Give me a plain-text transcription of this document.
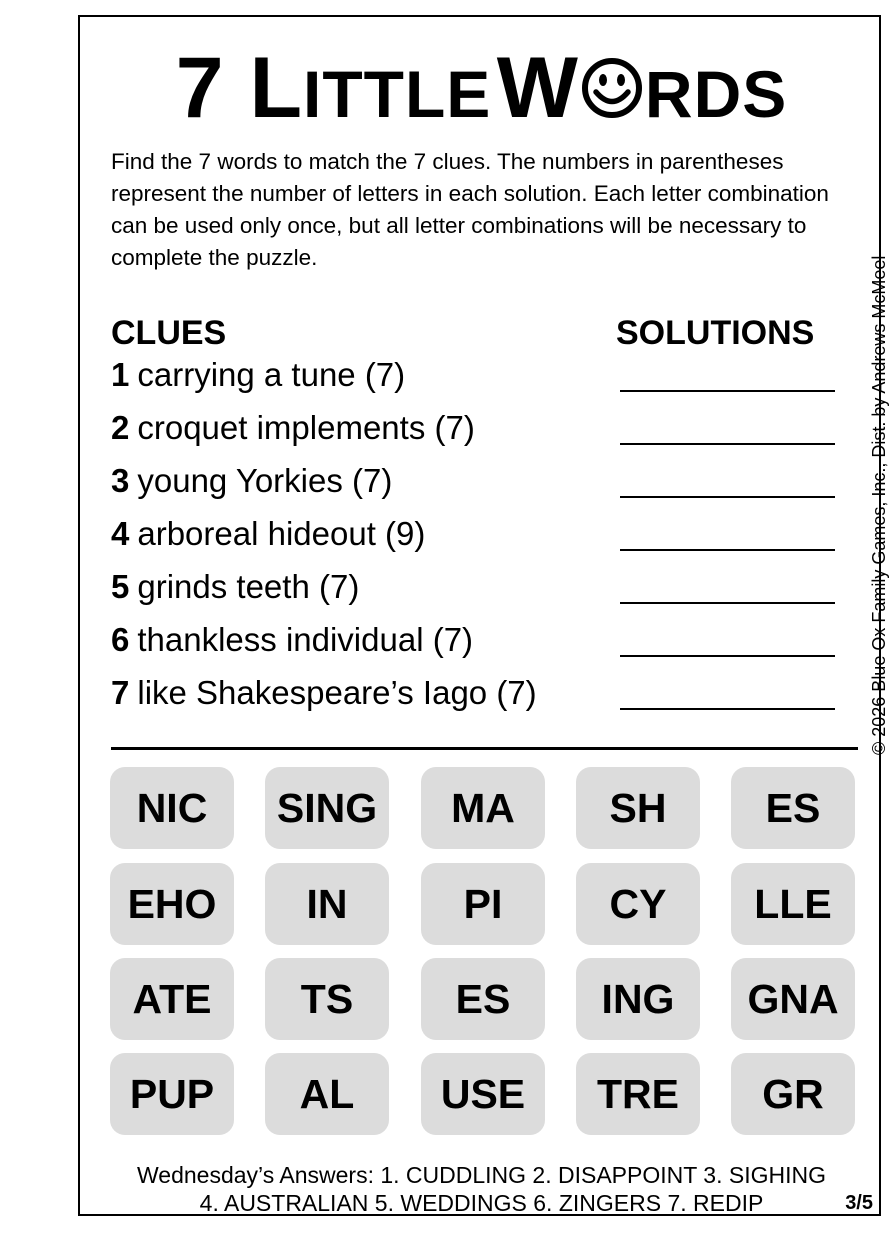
7 LITTLE W RDS
Find the 7 words to match the 7 clues. The numbers in parentheses represent the number of letters in each solution. Each letter combination can be used only once, but all letter combinations will be necessary to complete the puzzle.	© 2026 Blue Ox Family Games, Inc., Dist. by Andrews McMeel
CLUES	SOLUTIONS
1 carrying a tune (7)
2 croquet implements (7)
3 young Yorkies (7)
4 arboreal hideout (9)
5 grinds teeth (7)
6 thankless individual (7)
7 like Shakespeare’s Iago (7)
NIC	SING	MA	SH	ES
EHO	IN	PI	CY	LLE
ATE	TS	ES	ING	GNA
PUP	AL	USE	TRE	GR
Wednesday’s Answers: 1. CUDDLING 2. DISAPPOINT 3. SIGHING
4. AUSTRALIAN 5. WEDDINGS 6. ZINGERS 7. REDIP	3/5
